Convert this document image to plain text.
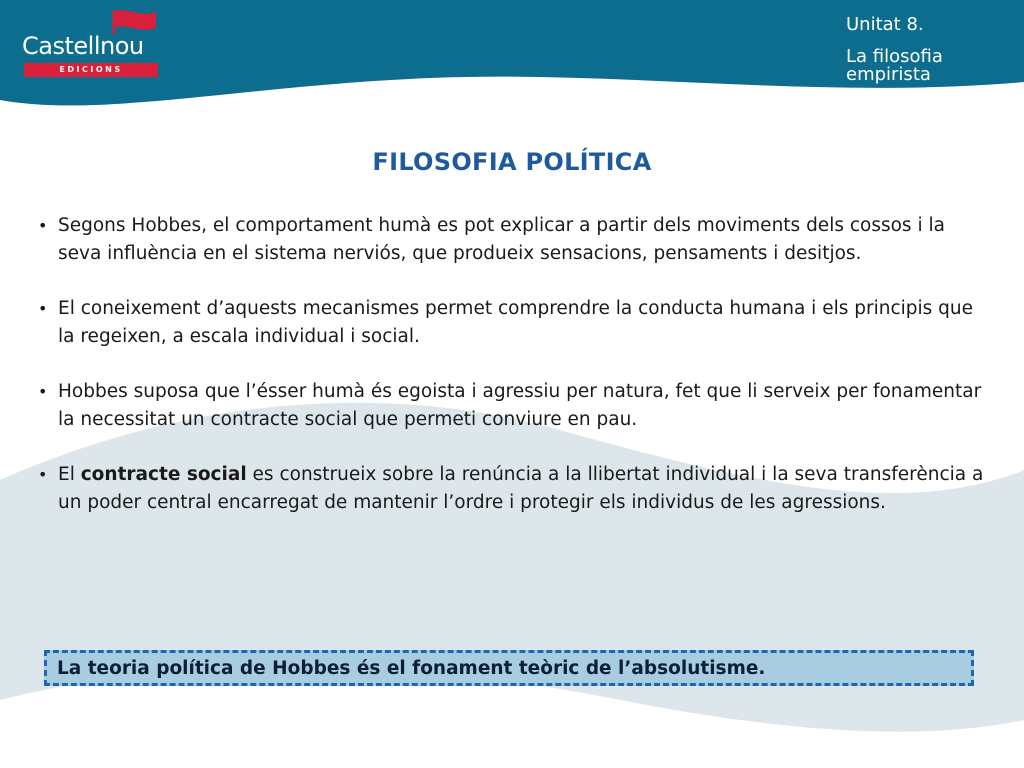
Castellnou
EDICIONS
Unitat 8.
La filosofia
empirista
FILOSOFIA POLÍTICA
• Segons Hobbes, el comportament humà es pot explicar a partir dels moviments dels cossos i la seva influència en el sistema nerviós, que produeix sensacions, pensaments i desitjos.
• El coneixement d’aquests mecanismes permet comprendre la conducta humana i els principis que la regeixen, a escala individual i social.
• Hobbes suposa que l’ésser humà és egoista i agressiu per natura, fet que li serveix per fonamentar la necessitat un contracte social que permeti conviure en pau.
• El contracte social es construeix sobre la renúncia a la llibertat individual i la seva transferència a un poder central encarregat de mantenir l’ordre i protegir els individus de les agressions.
La teoria política de Hobbes és el fonament teòric de l’absolutisme.
